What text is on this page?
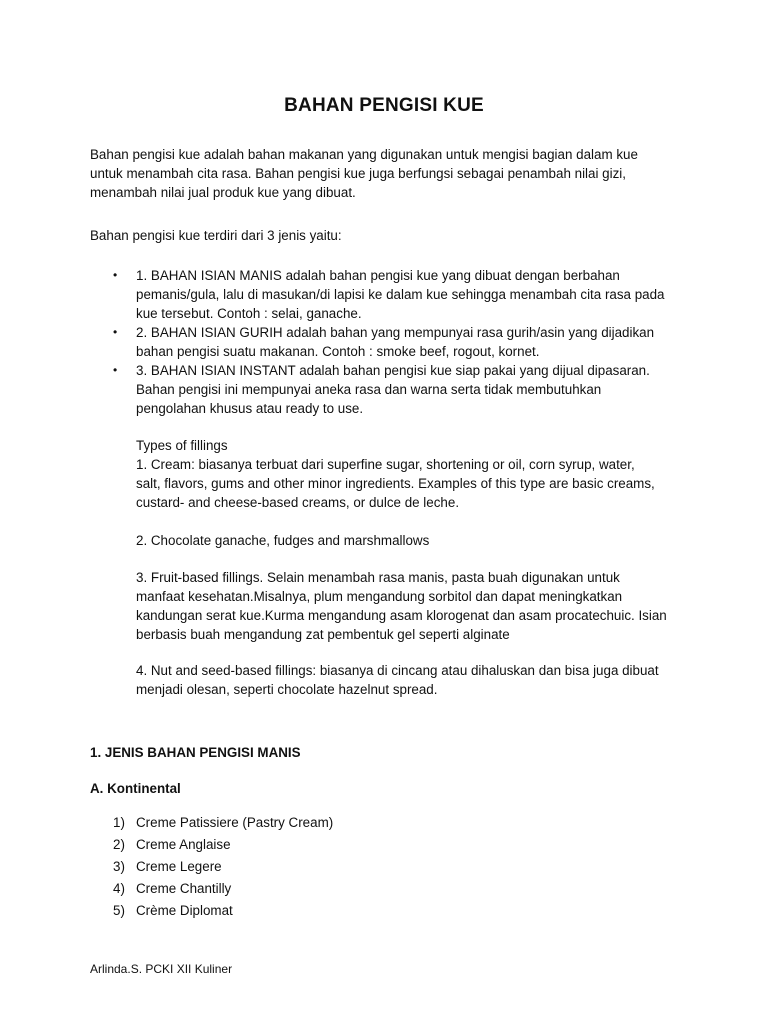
BAHAN PENGISI KUE
Bahan pengisi kue adalah bahan makanan yang digunakan untuk mengisi bagian dalam kue
untuk menambah cita rasa. Bahan pengisi kue juga berfungsi sebagai penambah nilai gizi,
menambah nilai jual produk kue yang dibuat.
Bahan pengisi kue terdiri dari 3 jenis yaitu:
• 1. BAHAN ISIAN MANIS adalah bahan pengisi kue yang dibuat dengan berbahan
pemanis/gula, lalu di masukan/di lapisi ke dalam kue sehingga menambah cita rasa pada
kue tersebut. Contoh : selai, ganache.
• 2. BAHAN ISIAN GURIH adalah bahan yang mempunyai rasa gurih/asin yang dijadikan
bahan pengisi suatu makanan. Contoh : smoke beef, rogout, kornet.
• 3. BAHAN ISIAN INSTANT adalah bahan pengisi kue siap pakai yang dijual dipasaran.
Bahan pengisi ini mempunyai aneka rasa dan warna serta tidak membutuhkan
pengolahan khusus atau ready to use.
Types of fillings
1. Cream: biasanya terbuat dari superfine sugar, shortening or oil, corn syrup, water,
salt, flavors, gums and other minor ingredients. Examples of this type are basic creams,
custard- and cheese-based creams, or dulce de leche.
2. Chocolate ganache, fudges and marshmallows
3. Fruit-based fillings. Selain menambah rasa manis, pasta buah digunakan untuk
manfaat kesehatan.Misalnya, plum mengandung sorbitol dan dapat meningkatkan
kandungan serat kue.Kurma mengandung asam klorogenat dan asam procatechuic. Isian
berbasis buah mengandung zat pembentuk gel seperti alginate
4. Nut and seed-based fillings: biasanya di cincang atau dihaluskan dan bisa juga dibuat
menjadi olesan, seperti chocolate hazelnut spread.
1. JENIS BAHAN PENGISI MANIS
A. Kontinental
1) Creme Patissiere (Pastry Cream)
2) Creme Anglaise
3) Creme Legere
4) Creme Chantilly
5) Crème Diplomat
Arlinda.S. PCKI XII Kuliner
